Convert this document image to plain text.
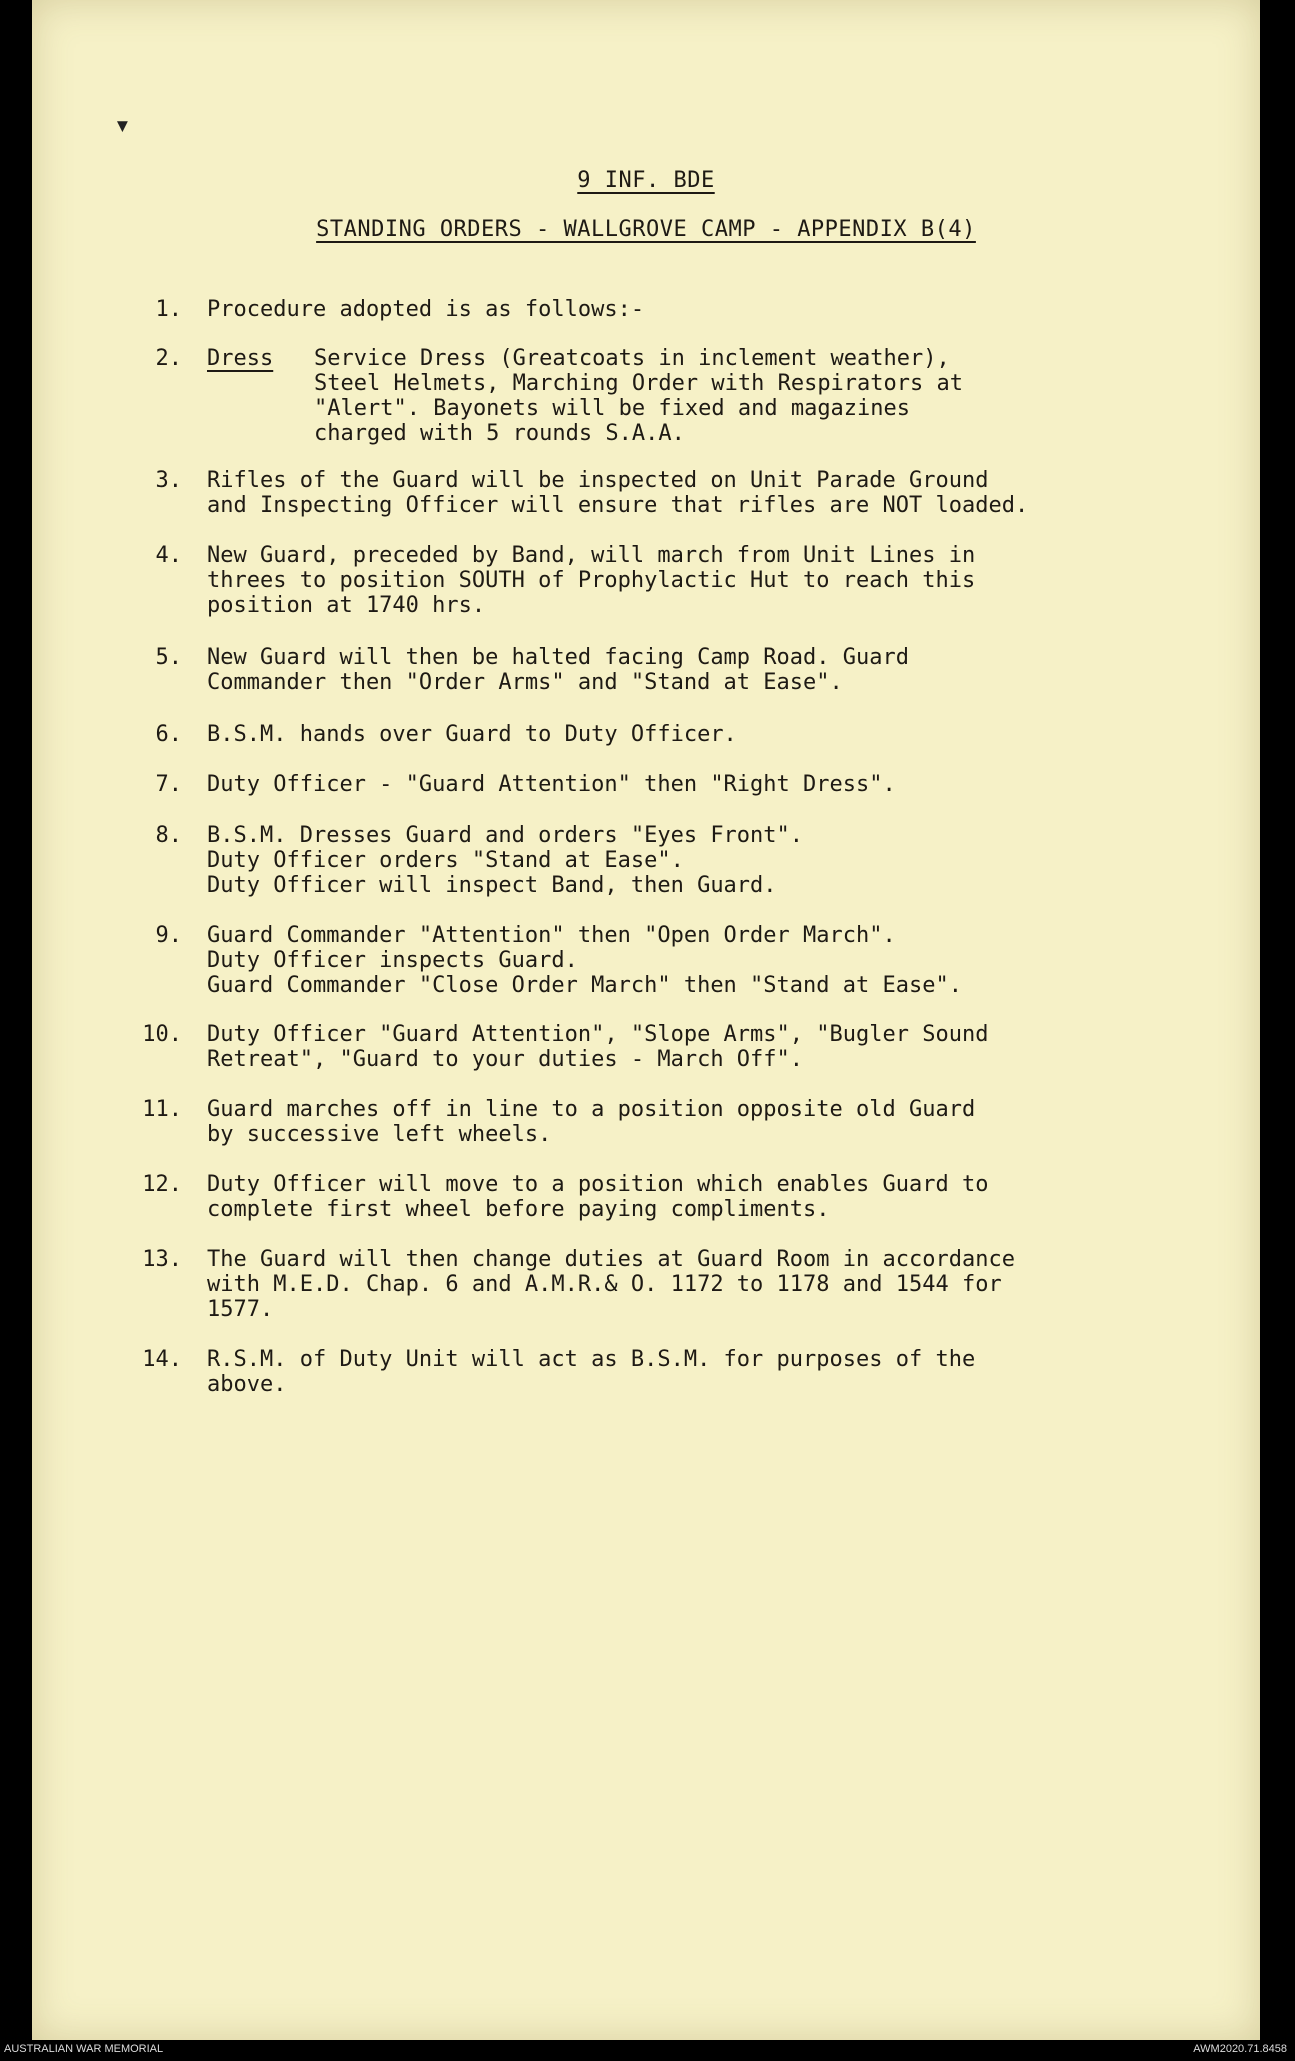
▾
9 INF. BDE
STANDING ORDERS - WALLGROVE CAMP - APPENDIX B(4)
1. Procedure adopted is as follows:-
2. Dress Service Dress (Greatcoats in inclement weather),
Steel Helmets, Marching Order with Respirators at
"Alert". Bayonets will be fixed and magazines
charged with 5 rounds S.A.A.
3. Rifles of the Guard will be inspected on Unit Parade Ground
and Inspecting Officer will ensure that rifles are NOT loaded.
4. New Guard, preceded by Band, will march from Unit Lines in
threes to position SOUTH of Prophylactic Hut to reach this
position at 1740 hrs.
5. New Guard will then be halted facing Camp Road. Guard
Commander then "Order Arms" and "Stand at Ease".
6. B.S.M. hands over Guard to Duty Officer.
7. Duty Officer - "Guard Attention" then "Right Dress".
8. B.S.M. Dresses Guard and orders "Eyes Front".
Duty Officer orders "Stand at Ease".
Duty Officer will inspect Band, then Guard.
9. Guard Commander "Attention" then "Open Order March".
Duty Officer inspects Guard.
Guard Commander "Close Order March" then "Stand at Ease".
10. Duty Officer "Guard Attention", "Slope Arms", "Bugler Sound
Retreat", "Guard to your duties - March Off".
11. Guard marches off in line to a position opposite old Guard
by successive left wheels.
12. Duty Officer will move to a position which enables Guard to
complete first wheel before paying compliments.
13. The Guard will then change duties at Guard Room in accordance
with M.E.D. Chap. 6 and A.M.R.& O. 1172 to 1178 and 1544 for
1577.
14. R.S.M. of Duty Unit will act as B.S.M. for purposes of the
above.
AUSTRALIAN WAR MEMORIAL	AWM2020.71.8458
